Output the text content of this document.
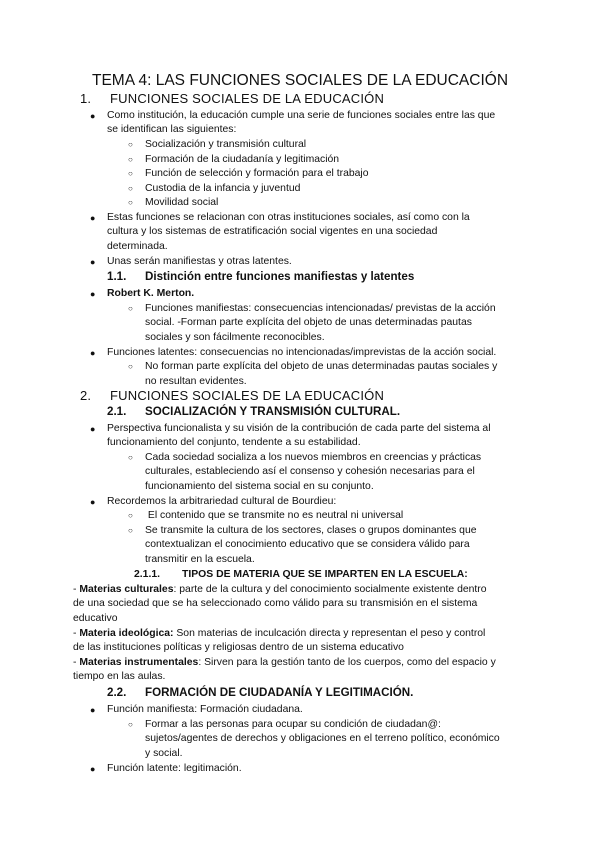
TEMA 4: LAS FUNCIONES SOCIALES DE LA EDUCACIÓN
1. FUNCIONES SOCIALES DE LA EDUCACIÓN
● Como institución, la educación cumple una serie de funciones sociales entre las que
se identifican las siguientes:
○ Socialización y transmisión cultural
○ Formación de la ciudadanía y legitimación
○ Función de selección y formación para el trabajo
○ Custodia de la infancia y juventud
○ Movilidad social
● Estas funciones se relacionan con otras instituciones sociales, así como con la
cultura y los sistemas de estratificación social vigentes en una sociedad
determinada.
● Unas serán manifiestas y otras latentes.
1.1. Distinción entre funciones manifiestas y latentes
● Robert K. Merton.
○ Funciones manifiestas: consecuencias intencionadas/ previstas de la acción
social. -Forman parte explícita del objeto de unas determinadas pautas
sociales y son fácilmente reconocibles.
● Funciones latentes: consecuencias no intencionadas/imprevistas de la acción social.
○ No forman parte explícita del objeto de unas determinadas pautas sociales y
no resultan evidentes.
2. FUNCIONES SOCIALES DE LA EDUCACIÓN
2.1. SOCIALIZACIÓN Y TRANSMISIÓN CULTURAL.
● Perspectiva funcionalista y su visión de la contribución de cada parte del sistema al
funcionamiento del conjunto, tendente a su estabilidad.
○ Cada sociedad socializa a los nuevos miembros en creencias y prácticas
culturales, estableciendo así el consenso y cohesión necesarias para el
funcionamiento del sistema social en su conjunto.
● Recordemos la arbitrariedad cultural de Bourdieu:
○ El contenido que se transmite no es neutral ni universal
○ Se transmite la cultura de los sectores, clases o grupos dominantes que
contextualizan el conocimiento educativo que se considera válido para
transmitir en la escuela.
2.1.1. TIPOS DE MATERIA QUE SE IMPARTEN EN LA ESCUELA:
- Materias culturales: parte de la cultura y del conocimiento socialmente existente dentro
de una sociedad que se ha seleccionado como válido para su transmisión en el sistema
educativo
- Materia ideológica: Son materias de inculcación directa y representan el peso y control
de las instituciones políticas y religiosas dentro de un sistema educativo
- Materias instrumentales: Sirven para la gestión tanto de los cuerpos, como del espacio y
tiempo en las aulas.
2.2. FORMACIÓN DE CIUDADANÍA Y LEGITIMACIÓN.
● Función manifiesta: Formación ciudadana.
○ Formar a las personas para ocupar su condición de ciudadan@:
sujetos/agentes de derechos y obligaciones en el terreno político, económico
y social.
● Función latente: legitimación.
